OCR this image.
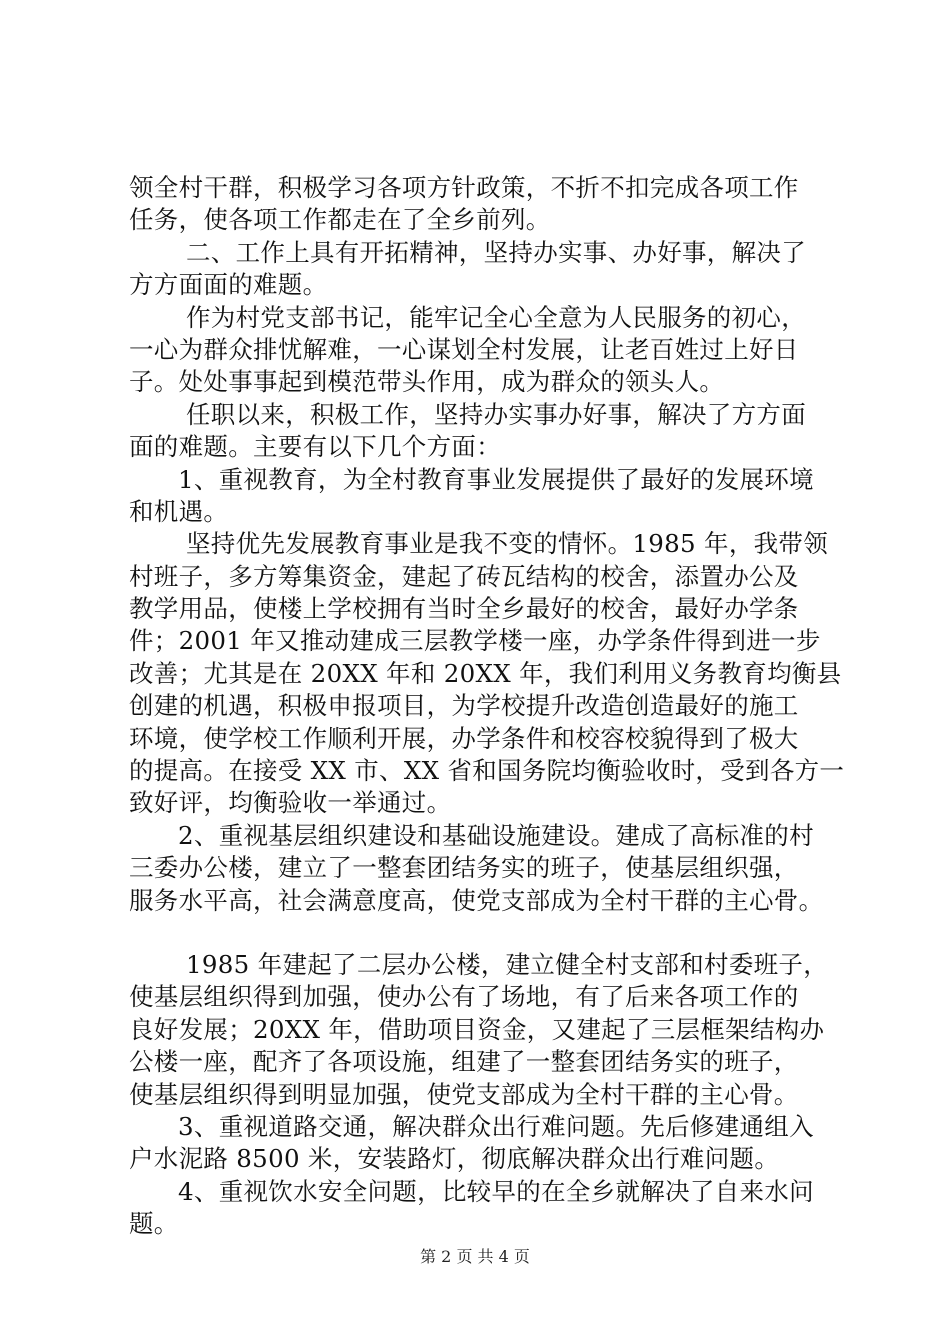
领全村干群，积极学习各项方针政策，不折不扣完成各项工作
任务，使各项工作都走在了全乡前列。
二、工作上具有开拓精神，坚持办实事、办好事，解决了
方方面面的难题。
作为村党支部书记，能牢记全心全意为人民服务的初心，
一心为群众排忧解难，一心谋划全村发展，让老百姓过上好日
子。处处事事起到模范带头作用，成为群众的领头人。
任职以来，积极工作，坚持办实事办好事，解决了方方面
面的难题。主要有以下几个方面：
1、重视教育，为全村教育事业发展提供了最好的发展环境
和机遇。
坚持优先发展教育事业是我不变的情怀。1985 年，我带领
村班子，多方筹集资金，建起了砖瓦结构的校舍，添置办公及
教学用品，使楼上学校拥有当时全乡最好的校舍，最好办学条
件；2001 年又推动建成三层教学楼一座，办学条件得到进一步
改善；尤其是在 20XX 年和 20XX 年，我们利用义务教育均衡县
创建的机遇，积极申报项目，为学校提升改造创造最好的施工
环境，使学校工作顺利开展，办学条件和校容校貌得到了极大
的提高。在接受 XX 市、XX 省和国务院均衡验收时，受到各方一
致好评，均衡验收一举通过。
2、重视基层组织建设和基础设施建设。建成了高标准的村
三委办公楼，建立了一整套团结务实的班子，使基层组织强，
服务水平高，社会满意度高，使党支部成为全村干群的主心骨。
1985 年建起了二层办公楼，建立健全村支部和村委班子，
使基层组织得到加强，使办公有了场地，有了后来各项工作的
良好发展；20XX 年，借助项目资金，又建起了三层框架结构办
公楼一座，配齐了各项设施，组建了一整套团结务实的班子，
使基层组织得到明显加强，使党支部成为全村干群的主心骨。
3、重视道路交通，解决群众出行难问题。先后修建通组入
户水泥路 8500 米，安装路灯，彻底解决群众出行难问题。
4、重视饮水安全问题，比较早的在全乡就解决了自来水问
题。
第 2 页 共 4 页
